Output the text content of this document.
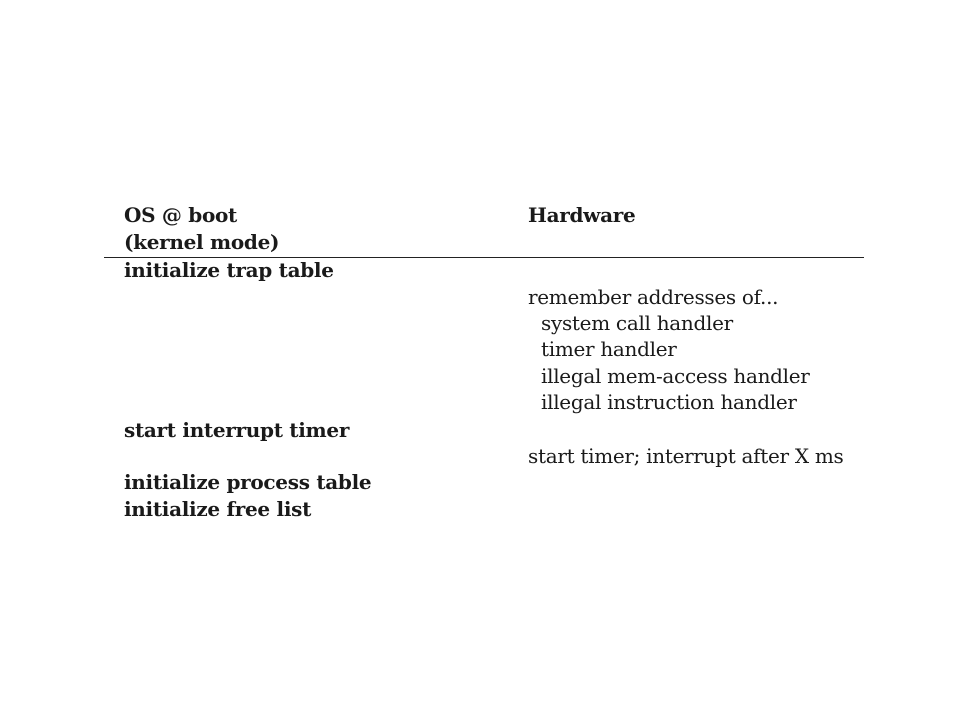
OS @ boot
(kernel mode)
Hardware
initialize trap table
start interrupt timer
initialize process table
initialize free list
remember addresses of...
system call handler
timer handler
illegal mem-access handler
illegal instruction handler
start timer; interrupt after X ms
